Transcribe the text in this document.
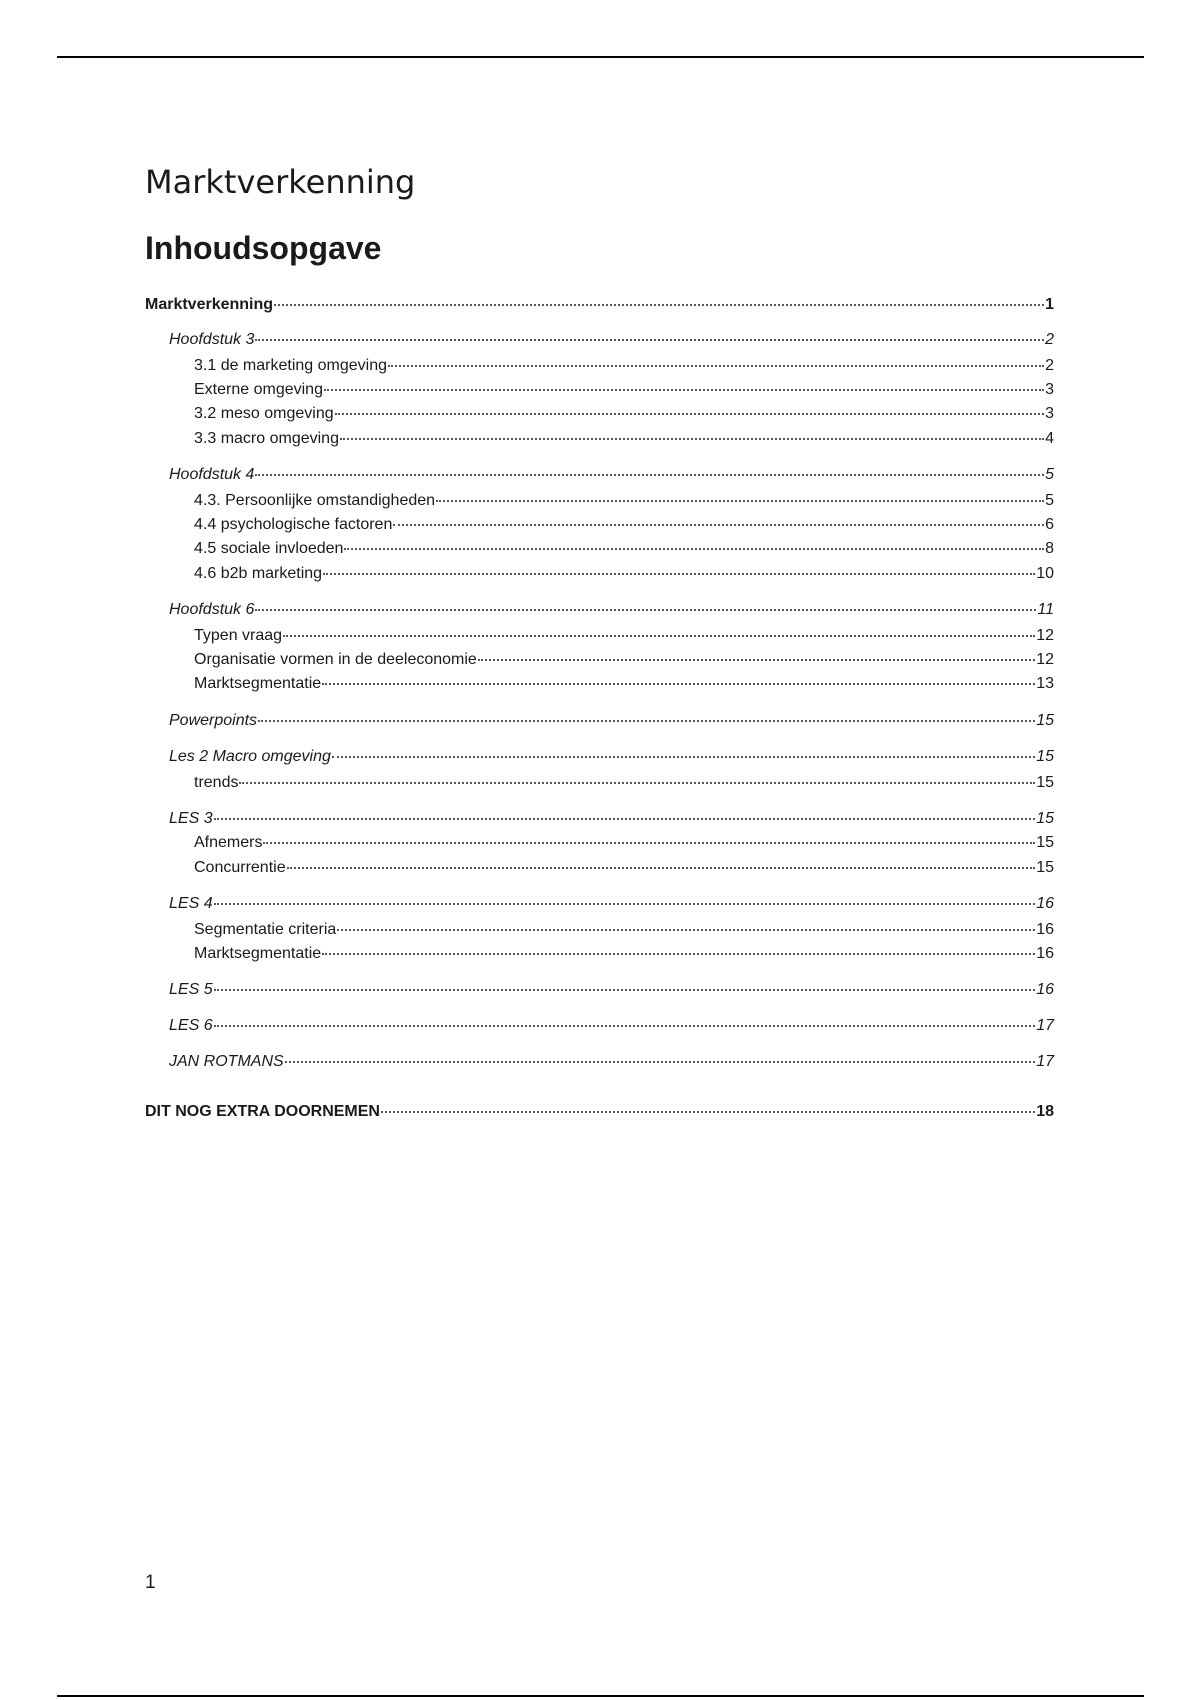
Marktverkenning
Inhoudsopgave
Marktverkenning	1
Hoofdstuk 3	2
3.1 de marketing omgeving	2
Externe omgeving	3
3.2 meso omgeving	3
3.3 macro omgeving	4
Hoofdstuk 4	5
4.3. Persoonlijke omstandigheden	5
4.4 psychologische factoren	6
4.5 sociale invloeden	8
4.6 b2b marketing	10
Hoofdstuk 6	11
Typen vraag	12
Organisatie vormen in de deeleconomie	12
Marktsegmentatie	13
Powerpoints	15
Les 2 Macro omgeving	15
trends	15
LES 3	15
Afnemers	15
Concurrentie	15
LES 4	16
Segmentatie criteria	16
Marktsegmentatie	16
LES 5	16
LES 6	17
JAN ROTMANS	17
DIT NOG EXTRA DOORNEMEN	18
1
